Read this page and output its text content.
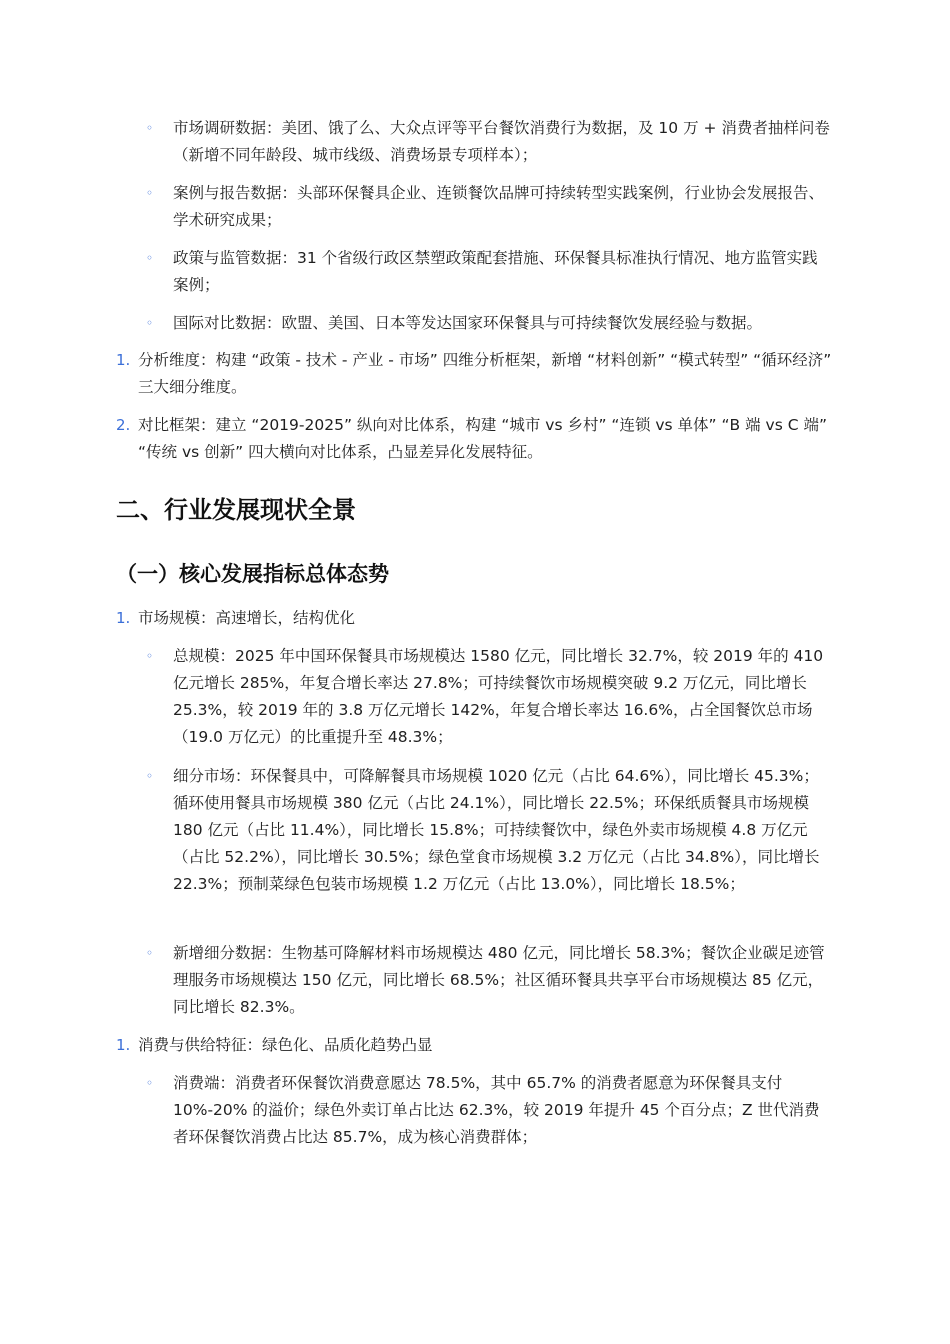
◦ 市场调研数据：美团、饿了么、大众点评等平台餐饮消费行为数据，及 10 万 + 消费者抽样问卷（新增不同年龄段、城市线级、消费场景专项样本）；
◦ 案例与报告数据：头部环保餐具企业、连锁餐饮品牌可持续转型实践案例，行业协会发展报告、学术研究成果；
◦ 政策与监管数据：31 个省级行政区禁塑政策配套措施、环保餐具标准执行情况、地方监管实践案例；
◦ 国际对比数据：欧盟、美国、日本等发达国家环保餐具与可持续餐饮发展经验与数据。
1. 分析维度：构建 “政策 - 技术 - 产业 - 市场” 四维分析框架，新增 “材料创新” “模式转型” “循环经济” 三大细分维度。
2. 对比框架：建立 “2019-2025” 纵向对比体系，构建 “城市 vs 乡村” “连锁 vs 单体” “B 端 vs C 端” “传统 vs 创新” 四大横向对比体系，凸显差异化发展特征。
二、行业发展现状全景
（一）核心发展指标总体态势
1. 市场规模：高速增长，结构优化
◦ 总规模：2025 年中国环保餐具市场规模达 1580 亿元，同比增长 32.7%，较 2019 年的 410 亿元增长 285%，年复合增长率达 27.8%；可持续餐饮市场规模突破 9.2 万亿元，同比增长 25.3%，较 2019 年的 3.8 万亿元增长 142%，年复合增长率达 16.6%，占全国餐饮总市场（19.0 万亿元）的比重提升至 48.3%；
◦ 细分市场：环保餐具中，可降解餐具市场规模 1020 亿元（占比 64.6%），同比增长 45.3%；循环使用餐具市场规模 380 亿元（占比 24.1%），同比增长 22.5%；环保纸质餐具市场规模 180 亿元（占比 11.4%），同比增长 15.8%；可持续餐饮中，绿色外卖市场规模 4.8 万亿元（占比 52.2%），同比增长 30.5%；绿色堂食市场规模 3.2 万亿元（占比 34.8%），同比增长 22.3%；预制菜绿色包装市场规模 1.2 万亿元（占比 13.0%），同比增长 18.5%；
◦ 新增细分数据：生物基可降解材料市场规模达 480 亿元，同比增长 58.3%；餐饮企业碳足迹管理服务市场规模达 150 亿元，同比增长 68.5%；社区循环餐具共享平台市场规模达 85 亿元，同比增长 82.3%。
1. 消费与供给特征：绿色化、品质化趋势凸显
◦ 消费端：消费者环保餐饮消费意愿达 78.5%，其中 65.7% 的消费者愿意为环保餐具支付 10%-20% 的溢价；绿色外卖订单占比达 62.3%，较 2019 年提升 45 个百分点；Z 世代消费者环保餐饮消费占比达 85.7%，成为核心消费群体；
